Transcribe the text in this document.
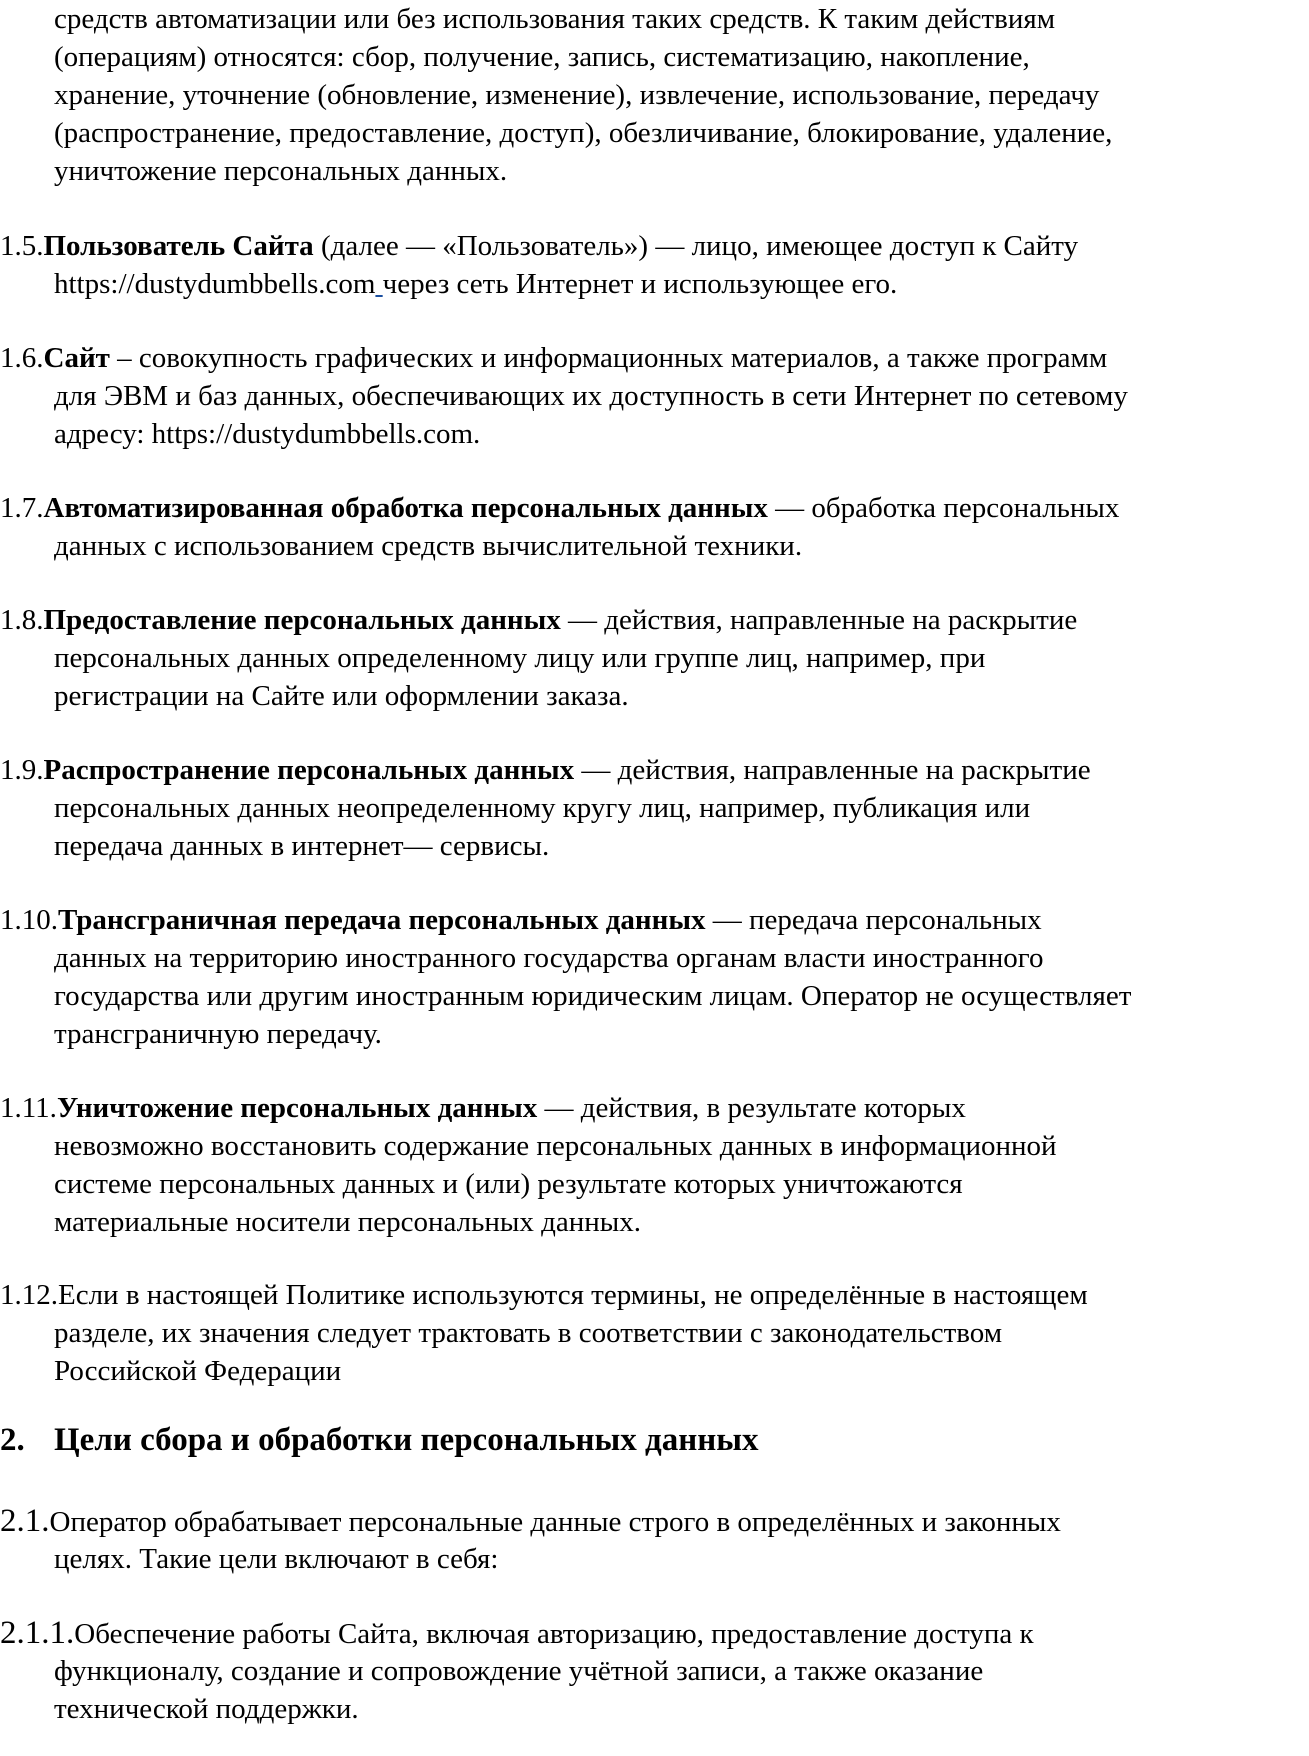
средств автоматизации или без использования таких средств. К таким действиям
(операциям) относятся: сбор, получение, запись, систематизацию, накопление,
хранение, уточнение (обновление, изменение), извлечение, использование, передачу
(распространение, предоставление, доступ), обезличивание, блокирование, удаление,
уничтожение персональных данных.
1.5.Пользователь Сайта (далее — «Пользователь») — лицо, имеющее доступ к Сайту
https://dustydumbbells.com через сеть Интернет и использующее его.
1.6.Сайт – совокупность графических и информационных материалов, а также программ
для ЭВМ и баз данных, обеспечивающих их доступность в сети Интернет по сетевому
адресу: https://dustydumbbells.com.
1.7.Автоматизированная обработка персональных данных — обработка персональных
данных с использованием средств вычислительной техники.
1.8.Предоставление персональных данных — действия, направленные на раскрытие
персональных данных определенному лицу или группе лиц, например, при
регистрации на Сайте или оформлении заказа.
1.9.Распространение персональных данных — действия, направленные на раскрытие
персональных данных неопределенному кругу лиц, например, публикация или
передача данных в интернет— сервисы.
1.10.Трансграничная передача персональных данных — передача персональных
данных на территорию иностранного государства органам власти иностранного
государства или другим иностранным юридическим лицам. Оператор не осуществляет
трансграничную передачу.
1.11.Уничтожение персональных данных — действия, в результате которых
невозможно восстановить содержание персональных данных в информационной
системе персональных данных и (или) результате которых уничтожаются
материальные носители персональных данных.
1.12.Если в настоящей Политике используются термины, не определённые в настоящем
разделе, их значения следует трактовать в соответствии с законодательством
Российской Федерации
2. Цели сбора и обработки персональных данных
2.1.Оператор обрабатывает персональные данные строго в определённых и законных
целях. Такие цели включают в себя:
2.1.1.Обеспечение работы Сайта, включая авторизацию, предоставление доступа к
функционалу, создание и сопровождение учётной записи, а также оказание
технической поддержки.
